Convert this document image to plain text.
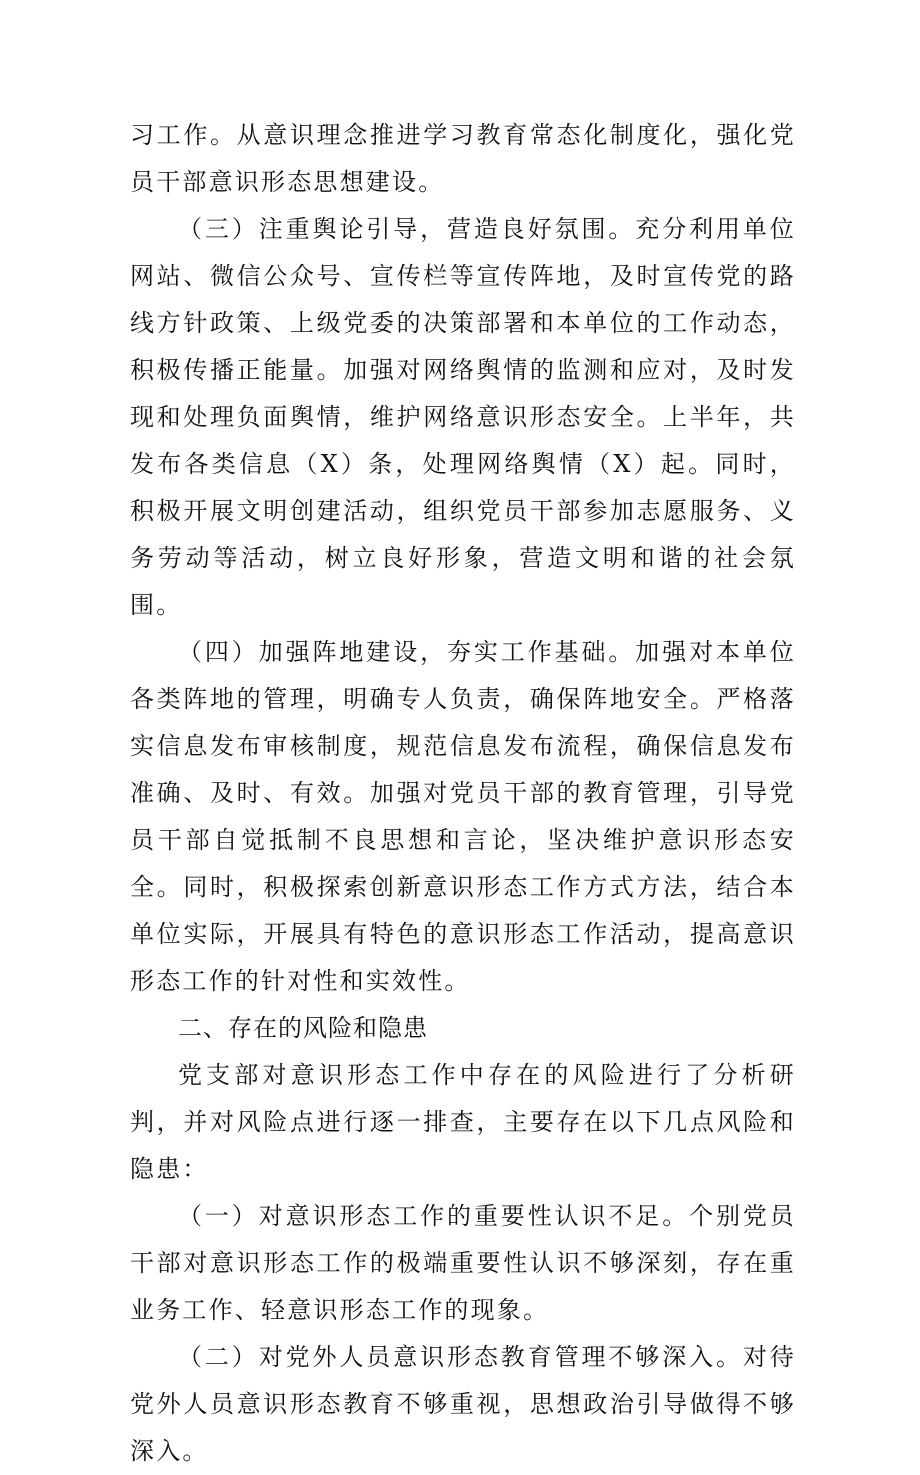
习工作。从意识理念推进学习教育常态化制度化，强化党员干部意识形态思想建设。

（三）注重舆论引导，营造良好氛围。充分利用单位网站、微信公众号、宣传栏等宣传阵地，及时宣传党的路线方针政策、上级党委的决策部署和本单位的工作动态，积极传播正能量。加强对网络舆情的监测和应对，及时发现和处理负面舆情，维护网络意识形态安全。上半年，共发布各类信息（X）条，处理网络舆情（X）起。同时，积极开展文明创建活动，组织党员干部参加志愿服务、义务劳动等活动，树立良好形象，营造文明和谐的社会氛围。

（四）加强阵地建设，夯实工作基础。加强对本单位各类阵地的管理，明确专人负责，确保阵地安全。严格落实信息发布审核制度，规范信息发布流程，确保信息发布准确、及时、有效。加强对党员干部的教育管理，引导党员干部自觉抵制不良思想和言论，坚决维护意识形态安全。同时，积极探索创新意识形态工作方式方法，结合本单位实际，开展具有特色的意识形态工作活动，提高意识形态工作的针对性和实效性。

二、存在的风险和隐患

党支部对意识形态工作中存在的风险进行了分析研判，并对风险点进行逐一排查，主要存在以下几点风险和隐患：

（一）对意识形态工作的重要性认识不足。个别党员干部对意识形态工作的极端重要性认识不够深刻，存在重业务工作、轻意识形态工作的现象。

（二）对党外人员意识形态教育管理不够深入。对待党外人员意识形态教育不够重视，思想政治引导做得不够深入。
